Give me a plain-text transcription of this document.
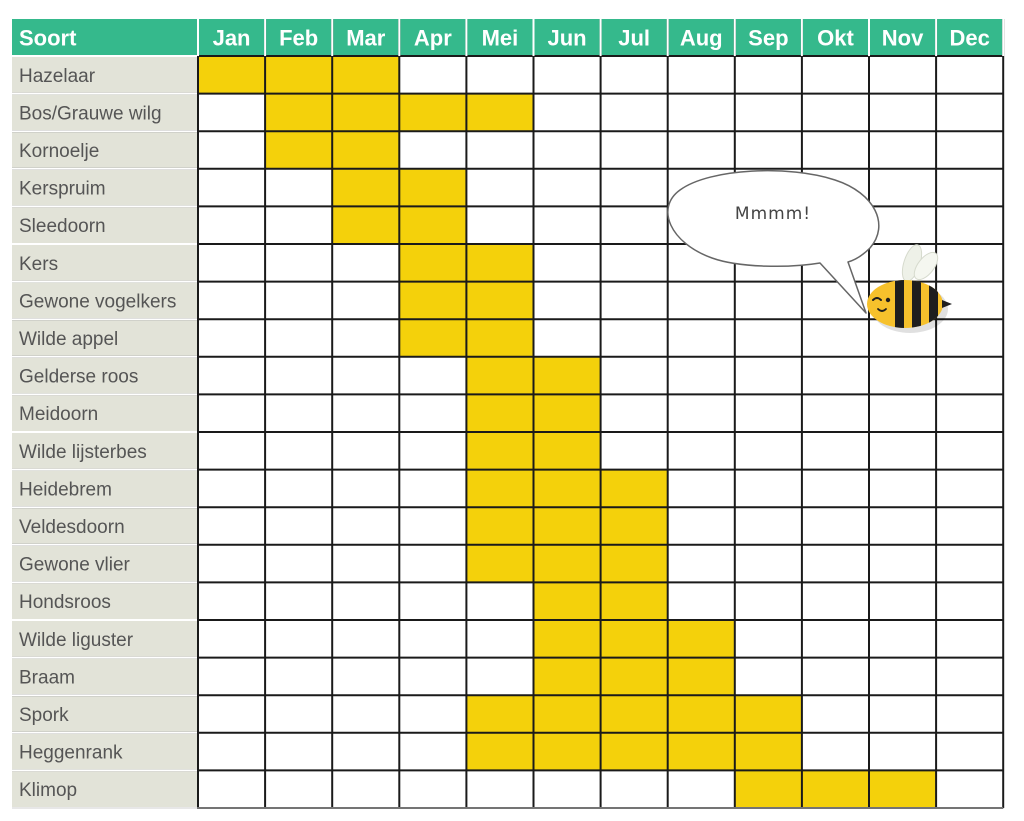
Soort	Jan Feb Mar Apr Mei Jun Jul Aug Sep Okt Nov Dec
Hazelaar
Bos/Grauwe wilg
Kornoelje
Kerspruim
Sleedoorn
Kers
Gewone vogelkers
Wilde appel
Gelderse roos
Meidoorn
Wilde lijsterbes
Heidebrem
Veldesdoorn
Gewone vlier
Hondsroos
Wilde liguster
Braam
Spork
Heggenrank
Klimop
Mmmm!
